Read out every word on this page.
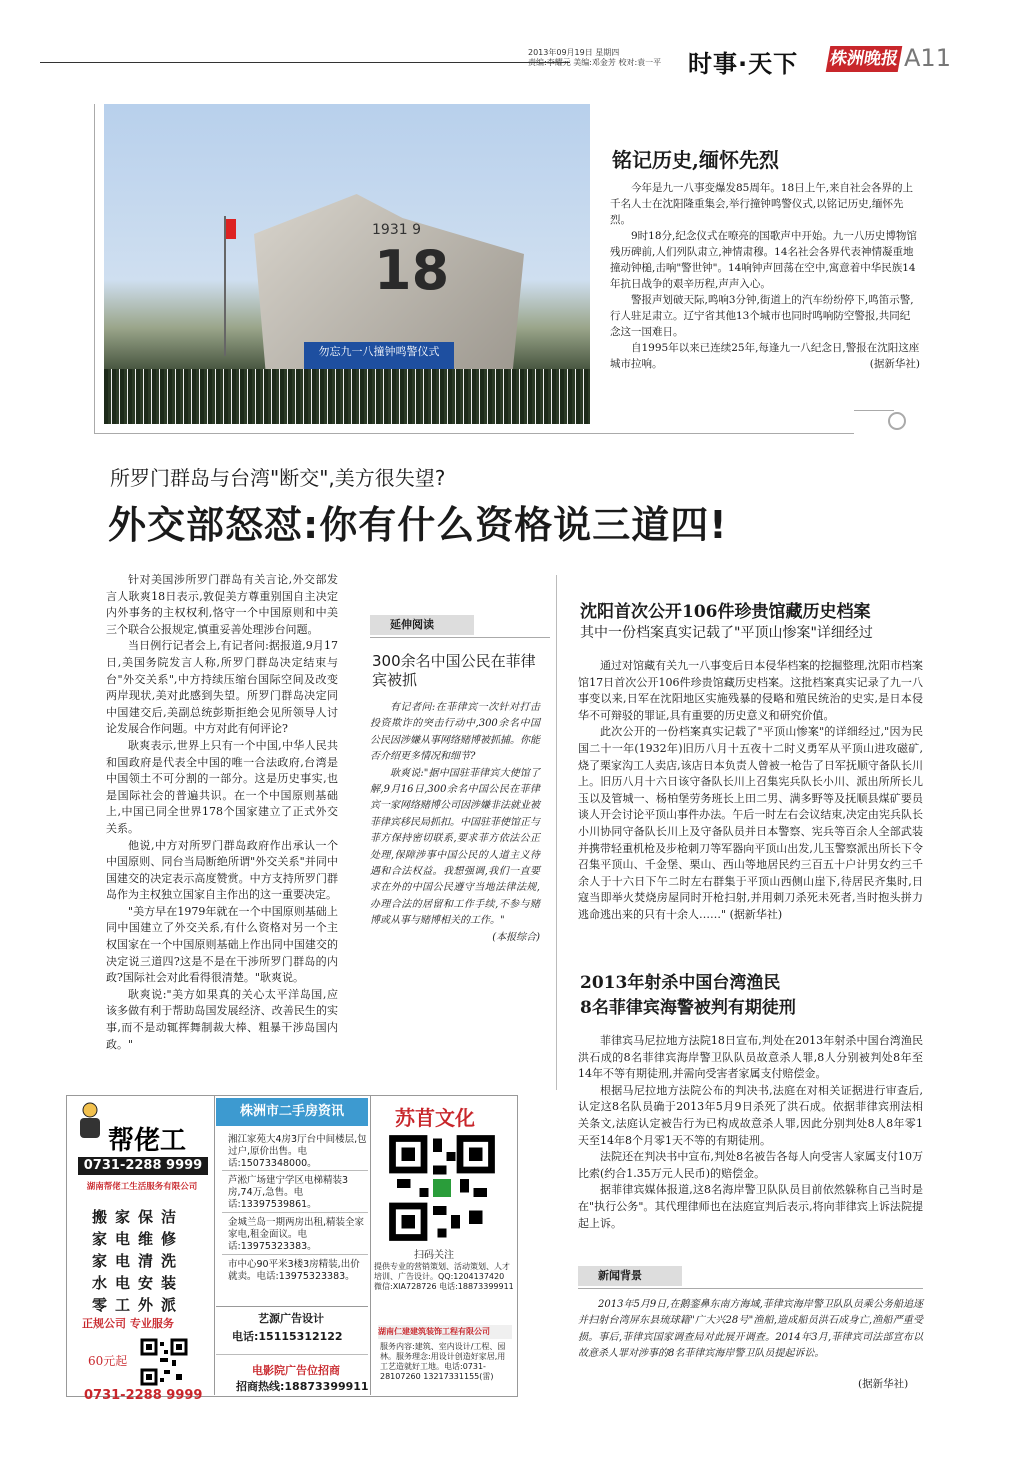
2013年09月19日 星期四
责编:李耀元 美编:邓金芳 校对:袁一平	时事·天下 株洲晚报 A11
1931 9
18
勿忘九一八撞钟鸣警仪式
铭记历史,缅怀先烈

今年是九一八事变爆发85周年。18日上午,来自社会各界的上千名人士在沈阳隆重集会,举行撞钟鸣警仪式,以铭记历史,缅怀先烈。

9时18分,纪念仪式在嘹亮的国歌声中开始。九一八历史博物馆残历碑前,人们列队肃立,神情肃穆。14名社会各界代表神情凝重地撞动钟槌,击响"警世钟"。14响钟声回荡在空中,寓意着中华民族14年抗日战争的艰辛历程,声声入心。

警报声划破天际,鸣响3分钟,街道上的汽车纷纷停下,鸣笛示警,行人驻足肃立。辽宁省其他13个城市也同时鸣响防空警报,共同纪念这一国难日。

自1995年以来已连续25年,每逢九一八纪念日,警报在沈阳这座城市拉响。	(据新华社)

所罗门群岛与台湾"断交",美方很失望?
外交部怒怼:你有什么资格说三道四!

针对美国涉所罗门群岛有关言论,外交部发言人耿爽18日表示,敦促美方尊重别国自主决定内外事务的主权权利,恪守一个中国原则和中美三个联合公报规定,慎重妥善处理涉台问题。

当日例行记者会上,有记者问:据报道,9月17日,美国务院发言人称,所罗门群岛决定结束与台"外交关系",中方持续压缩台国际空间及改变两岸现状,美对此感到失望。所罗门群岛决定同中国建交后,美副总统彭斯拒绝会见所领导人讨论发展合作问题。中方对此有何评论?

耿爽表示,世界上只有一个中国,中华人民共和国政府是代表全中国的唯一合法政府,台湾是中国领土不可分割的一部分。这是历史事实,也是国际社会的普遍共识。在一个中国原则基础上,中国已同全世界178个国家建立了正式外交关系。

他说,中方对所罗门群岛政府作出承认一个中国原则、同台当局断绝所谓"外交关系"并同中国建交的决定表示高度赞赏。中方支持所罗门群岛作为主权独立国家自主作出的这一重要决定。

"美方早在1979年就在一个中国原则基础上同中国建立了外交关系,有什么资格对另一个主权国家在一个中国原则基础上作出同中国建交的决定说三道四?这是不是在干涉所罗门群岛的内政?国际社会对此看得很清楚。"耿爽说。

耿爽说:"美方如果真的关心太平洋岛国,应该多做有利于帮助岛国发展经济、改善民生的实事,而不是动辄挥舞制裁大棒、粗暴干涉岛国内政。"

延伸阅读
300余名中国公民在菲律宾被抓

有记者问:在菲律宾一次针对打击投资欺诈的突击行动中,300余名中国公民因涉嫌从事网络赌博被抓捕。你能否介绍更多情况和细节?

耿爽说:"据中国驻菲律宾大使馆了解,9月16日,300余名中国公民在菲律宾一家网络赌博公司因涉嫌非法就业被菲律宾移民局抓扣。中国驻菲使馆正与菲方保持密切联系,要求菲方依法公正处理,保障涉事中国公民的人道主义待遇和合法权益。我想强调,我们一直要求在外的中国公民遵守当地法律法规,办理合法的居留和工作手续,不参与赌博或从事与赌博相关的工作。"

(本报综合)

沈阳首次公开106件珍贵馆藏历史档案
其中一份档案真实记载了"平顶山惨案"详细经过

通过对馆藏有关九一八事变后日本侵华档案的挖掘整理,沈阳市档案馆17日首次公开106件珍贵馆藏历史档案。这批档案真实记录了九一八事变以来,日军在沈阳地区实施残暴的侵略和殖民统治的史实,是日本侵华不可辩驳的罪证,具有重要的历史意义和研究价值。

此次公开的一份档案真实记载了"平顶山惨案"的详细经过,"因为民国二十一年(1932年)旧历八月十五夜十二时义勇军从平顶山进攻磁矿,烧了栗家沟工人卖店,该店日本负责人曾被一枪告了日军抚顺守备队长川上。旧历八月十六日该守备队长川上召集宪兵队长小川、派出所所长儿玉以及管城一、杨柏堡劳务班长上田二男、满多野等及抚顺县煤矿要员谈人开会讨论平顶山事件办法。午后一时左右会议结束,决定由宪兵队长小川协同守备队长川上及守备队员并日本警察、宪兵等百余人全部武装并携带轻重机枪及步枪刺刀等军器向平顶山出发,儿玉警察派出所长下令召集平顶山、千金堡、栗山、西山等地居民约三百五十户计男女约三千余人于十六日下午二时左右群集于平顶山西侧山崖下,待居民齐集时,日寇当即举火焚烧房屋同时开枪扫射,并用刺刀杀死未死者,当时抱头拼力逃命逃出来的只有十余人……" (据新华社)

2013年射杀中国台湾渔民
8名菲律宾海警被判有期徒刑

菲律宾马尼拉地方法院18日宣布,判处在2013年射杀中国台湾渔民洪石成的8名菲律宾海岸警卫队队员故意杀人罪,8人分别被判处8年至14年不等有期徒刑,并需向受害者家属支付赔偿金。

根据马尼拉地方法院公布的判决书,法庭在对相关证据进行审查后,认定这8名队员确于2013年5月9日杀死了洪石成。依据菲律宾刑法相关条文,法庭认定被告行为已构成故意杀人罪,因此分别判处8人8年零1天至14年8个月零1天不等的有期徒刑。

法院还在判决书中宣布,判处8名被告各每人向受害人家属支付10万比索(约合1.35万元人民币)的赔偿金。

据菲律宾媒体报道,这8名海岸警卫队队员目前依然躲称自己当时是在"执行公务"。其代理律师也在法庭宣判后表示,将向菲律宾上诉法院提起上诉。

新闻背景

2013年5月9日,在鹅銮鼻东南方海域,菲律宾海岸警卫队队员乘公务船追逐并扫射台湾屏东县琉球籍"广大兴28号"渔船,造成船员洪石成身亡,渔船严重受损。事后,菲律宾国家调查局对此展开调查。2014年3月,菲律宾司法部宣布以故意杀人罪对涉事的8名菲律宾海岸警卫队员提起诉讼。

(据新华社)
帮佬工
0731-2288 9999
湖南帮佬工生活服务有限公司
搬家保洁
家电维修
家电清洗
水电安装
零工外派
正规公司 专业服务
60元起
0731-2288 9999
株洲市二手房资讯
湘江家苑大4房3厅台中间楼层,包过户,原价出售。电话:15073348000。
芦淞广场建宁学区电梯精装3房,74万,急售。电话:13397539861。
金城兰岛一期两房出租,精装全家家电,租金面议。电话:13975323383。
市中心90平米3楼3房精装,出价就卖。电话:13975323383。
艺源广告设计
电话:15115312122
电影院广告位招商
招商热线:18873399911
苏苜文化
扫码关注
提供专业的营销策划、活动策划、人才培训、广告设计。QQ:1204137420 微信:XIA728726 电话:18873399911
湖南仁建建筑装饰工程有限公司
服务内容:建筑、室内设计/工程、园林。服务理念:用设计创造好家居,用工艺造就好工地。电话:0731-28107260 13217331155(雷)
